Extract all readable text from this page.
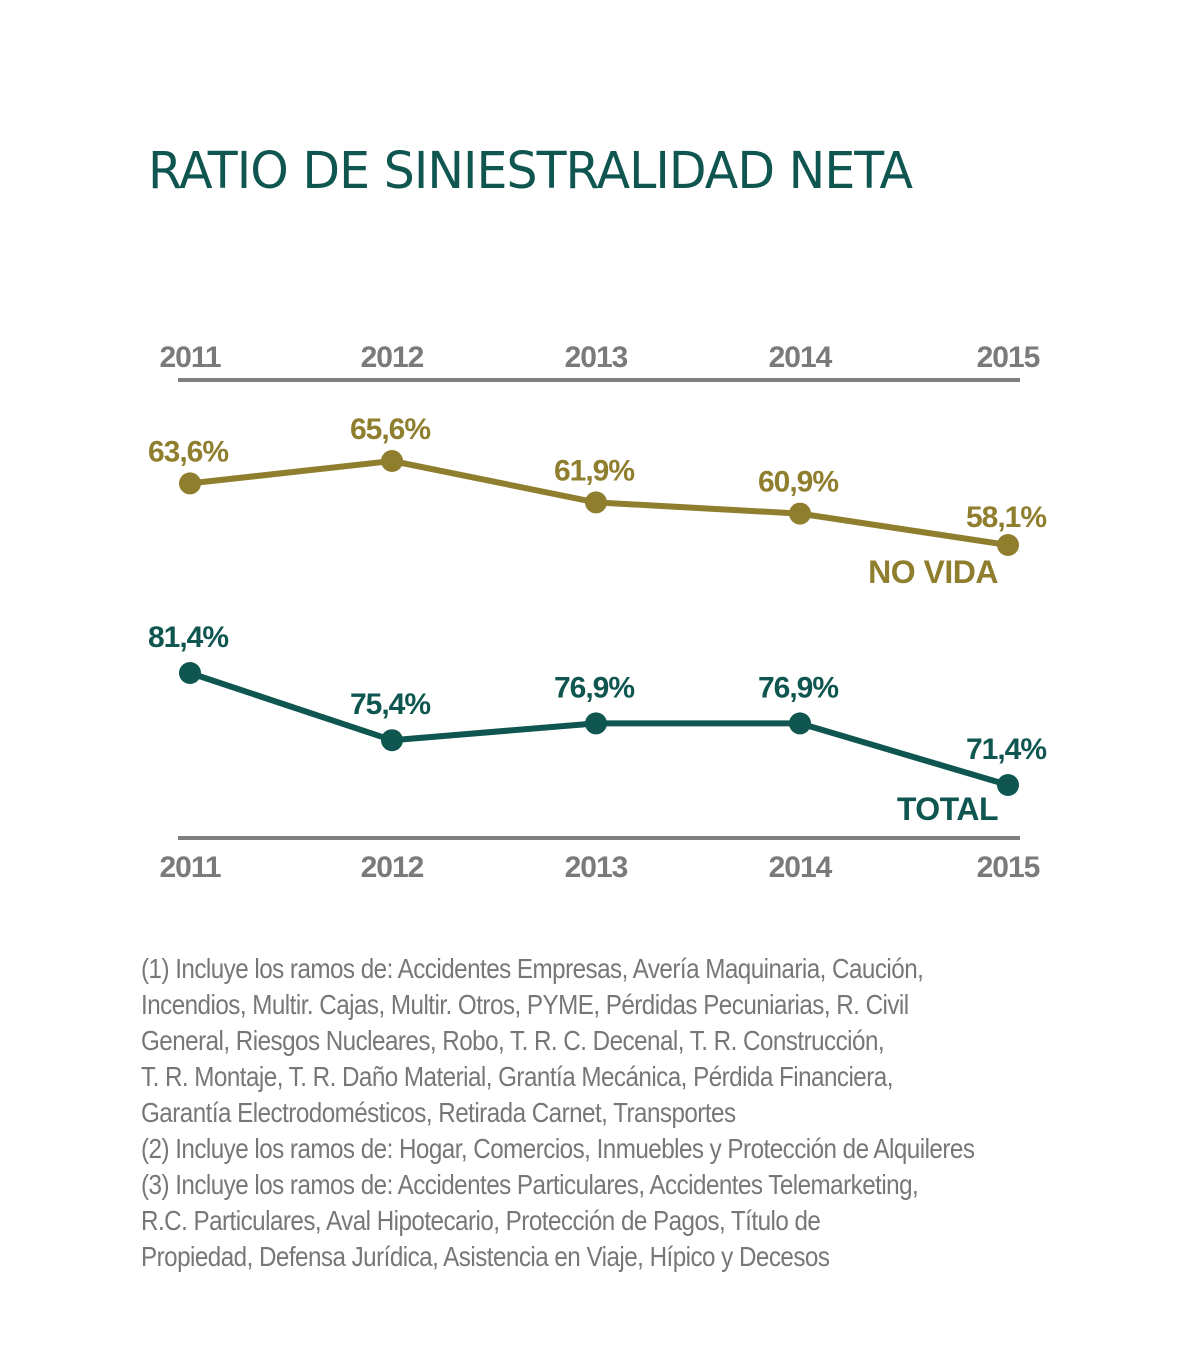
RATIO DE SINIESTRALIDAD NETA
2011	2012	2013	2014	2015
2011	2012	2013	2014	2015
63,6%
65,6%
61,9%	60,9%
58,1%
NO VIDA
81,4%
75,4%
76,9%	76,9%
71,4%
TOTAL
(1) Incluye los ramos de: Accidentes Empresas, Avería Maquinaria, Caución,
Incendios, Multir. Cajas, Multir. Otros, PYME, Pérdidas Pecuniarias, R. Civil
General, Riesgos Nucleares, Robo, T. R. C. Decenal, T. R. Construcción,
T. R. Montaje, T. R. Daño Material, Grantía Mecánica, Pérdida Financiera,
Garantía Electrodomésticos, Retirada Carnet, Transportes
(2) Incluye los ramos de: Hogar, Comercios, Inmuebles y Protección de Alquileres
(3) Incluye los ramos de: Accidentes Particulares, Accidentes Telemarketing,
R.C. Particulares, Aval Hipotecario, Protección de Pagos, Título de
Propiedad, Defensa Jurídica, Asistencia en Viaje, Hípico y Decesos
